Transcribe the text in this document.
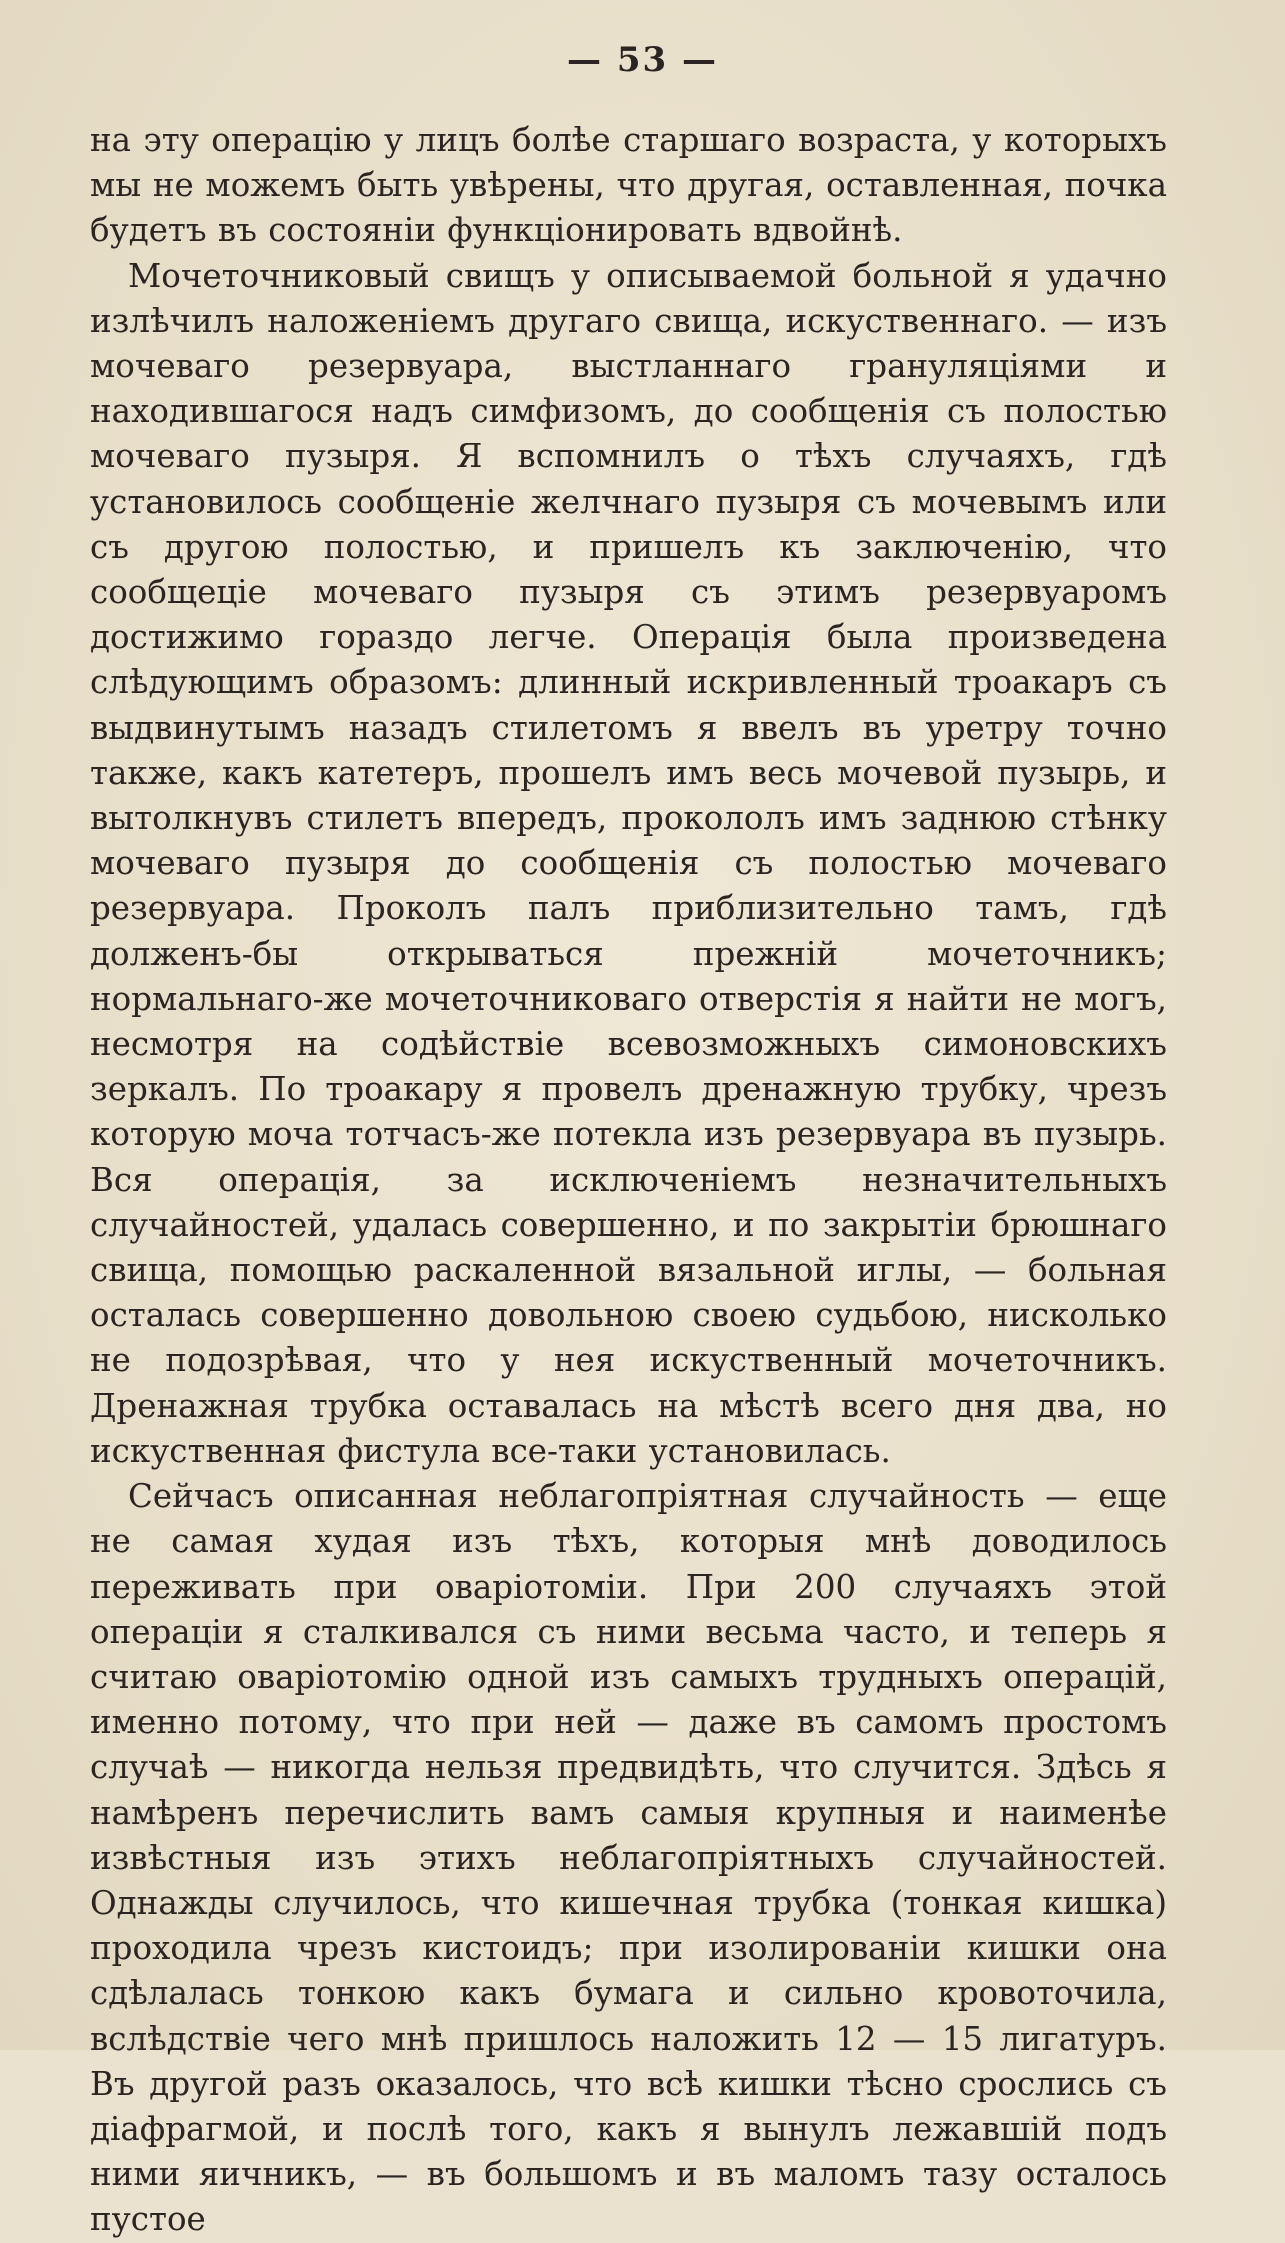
— 53 —

на эту операцію у лицъ болѣе старшаго возраста, у которыхъ мы не можемъ быть увѣрены, что другая, оставленная, почка будетъ въ состояніи функціонировать вдвойнѣ.

Мочеточниковый свищъ у описываемой больной я удачно излѣчилъ наложеніемъ другаго свища, искуственнаго. — изъ мочеваго резервуара, выстланнаго грануляціями и находившагося надъ симфизомъ, до сообщенія съ полостью мочеваго пузыря. Я вспомнилъ о тѣхъ случаяхъ, гдѣ установилось сообщеніе желчнаго пузыря съ мочевымъ или съ другою полостью, и пришелъ къ заключенію, что сообщеціе мочеваго пузыря съ этимъ резервуаромъ достижимо гораздо легче. Операція была произведена слѣдующимъ образомъ: длинный искривленный троакаръ съ выдвинутымъ назадъ стилетомъ я ввелъ въ уретру точно также, какъ катетеръ, прошелъ имъ весь мочевой пузырь, и вытолкнувъ стилетъ впередъ, прокололъ имъ заднюю стѣнку мочеваго пузыря до сообщенія съ полостью мочеваго резервуара. Проколъ палъ приблизительно тамъ, гдѣ долженъ-бы открываться прежній мочеточникъ; нормальнаго-же мочеточниковаго отверстія я найти не могъ, несмотря на содѣйствіе всевозможныхъ симоновскихъ зеркалъ. По троакару я провелъ дренажную трубку, чрезъ которую моча тотчасъ-же потекла изъ резервуара въ пузырь. Вся операція, за исключеніемъ незначительныхъ случайностей, удалась совершенно, и по закрытіи брюшнаго свища, помощью раскаленной вязальной иглы, — больная осталась совершенно довольною своею судьбою, нисколько не подозрѣвая, что у нея искуственный мочеточникъ. Дренажная трубка оставалась на мѣстѣ всего дня два, но искуственная фистула все-таки установилась.

Сейчасъ описанная неблагопріятная случайность — еще не самая худая изъ тѣхъ, которыя мнѣ доводилось переживать при оваріотоміи. При 200 случаяхъ этой операціи я сталкивался съ ними весьма часто, и теперь я считаю оваріотомію одной изъ самыхъ трудныхъ операцій, именно потому, что при ней — даже въ самомъ простомъ случаѣ — никогда нельзя предвидѣть, что случится. Здѣсь я намѣренъ перечислить вамъ самыя крупныя и наименѣе извѣстныя изъ этихъ неблагопріятныхъ случайностей. Однажды случилось, что кишечная трубка (тонкая кишка) проходила чрезъ кистоидъ; при изолированіи кишки она сдѣлалась тонкою какъ бумага и сильно кровоточила, вслѣдствіе чего мнѣ пришлось наложить 12 — 15 лигатуръ. Въ другой разъ оказалось, что всѣ кишки тѣсно срослись съ діафрагмой, и послѣ того, какъ я вынулъ лежавшій подъ ними яичникъ, — въ большомъ и въ маломъ тазу осталось пустое
